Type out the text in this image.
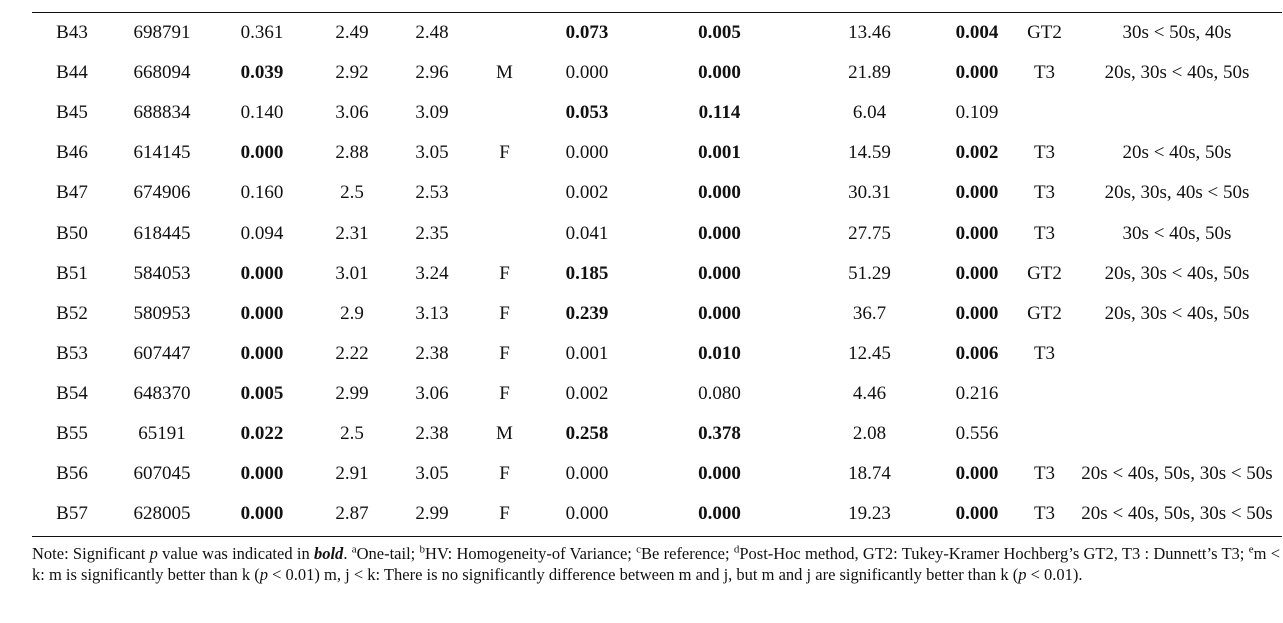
B43	698791	0.361	2.49	2.48		0.073	0.005	13.46	0.004	GT2	30s < 50s, 40s
B44	668094	0.039	2.92	2.96	M	0.000	0.000	21.89	0.000	T3	20s, 30s < 40s, 50s
B45	688834	0.140	3.06	3.09		0.053	0.114	6.04	0.109		
B46	614145	0.000	2.88	3.05	F	0.000	0.001	14.59	0.002	T3	20s < 40s, 50s
B47	674906	0.160	2.5	2.53		0.002	0.000	30.31	0.000	T3	20s, 30s, 40s < 50s
B50	618445	0.094	2.31	2.35		0.041	0.000	27.75	0.000	T3	30s < 40s, 50s
B51	584053	0.000	3.01	3.24	F	0.185	0.000	51.29	0.000	GT2	20s, 30s < 40s, 50s
B52	580953	0.000	2.9	3.13	F	0.239	0.000	36.7	0.000	GT2	20s, 30s < 40s, 50s
B53	607447	0.000	2.22	2.38	F	0.001	0.010	12.45	0.006	T3	
B54	648370	0.005	2.99	3.06	F	0.002	0.080	4.46	0.216		
B55	65191	0.022	2.5	2.38	M	0.258	0.378	2.08	0.556		
B56	607045	0.000	2.91	3.05	F	0.000	0.000	18.74	0.000	T3	20s < 40s, 50s, 30s < 50s
B57	628005	0.000	2.87	2.99	F	0.000	0.000	19.23	0.000	T3	20s < 40s, 50s, 30s < 50s
Note: Significant p value was indicated in bold. $^a$One-tail; $^b$HV: Homogeneity-of Variance; $^c$Be reference; $^d$Post-Hoc method, GT2: Tukey-Kramer Hochberg’s GT2, T3 : Dunnett’s T3; $^e$m < k: m is significantly better than k (p < 0.01) m, j < k: There is no significantly difference between m and j, but m and j are significantly better than k (p < 0.01).
